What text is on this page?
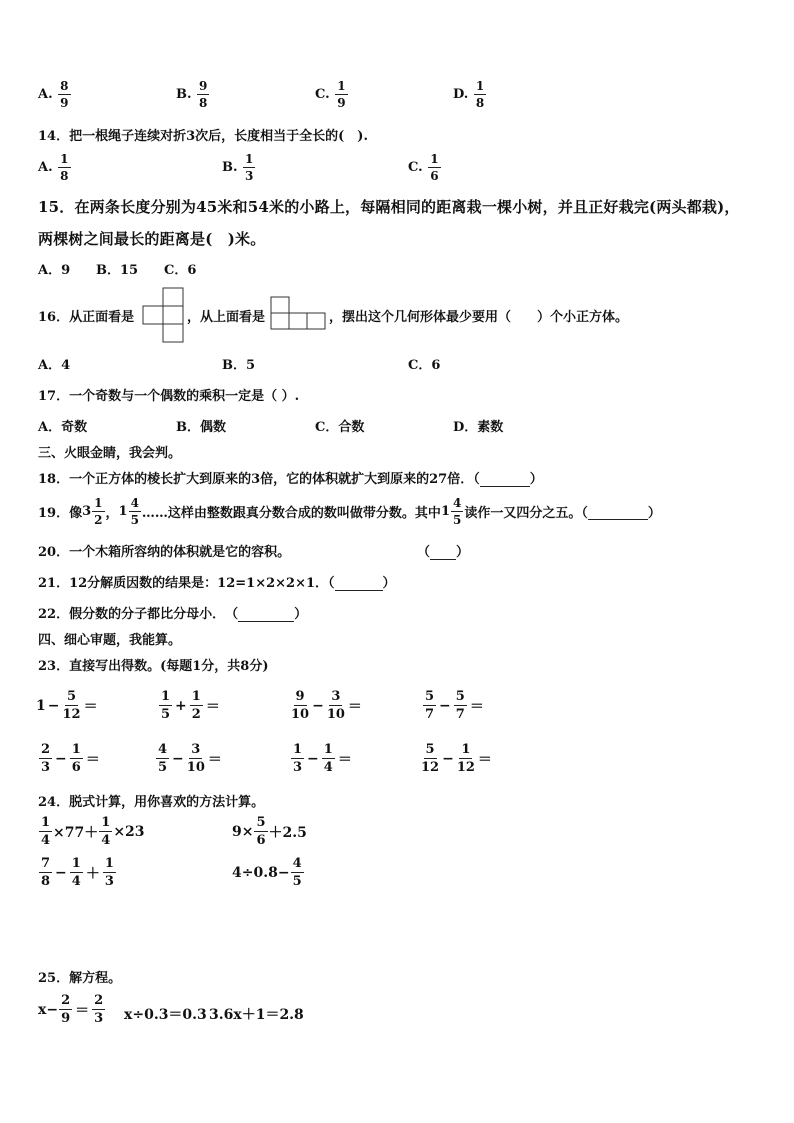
A. $\frac{8}{9}$	B. $\frac{9}{8}$	C. $\frac{1}{9}$	D. $\frac{1}{8}$
14．把一根绳子连续对折3次后，长度相当于全长的(　).
A. $\frac{1}{8}$	B. $\frac{1}{3}$	C. $\frac{1}{6}$
15．在两条长度分别为45米和54米的小路上，每隔相同的距离栽一棵小树，并且正好栽完(两头都栽)，
两棵树之间最长的距离是(　)米。
A．9 B．15 C．6
16．从正面看是	，从上面看是	，摆出这个几何形体最少要用（　　）个小正方体。
A．4	B．5	C．6
17．一个奇数与一个偶数的乘积一定是（ ）.
A．奇数	B．偶数	C．合数	D．素数
三、火眼金睛，我会判。
18．一个正方体的棱长扩大到原来的3倍，它的体积就扩大到原来的27倍．（	）
19．像 $3 \frac{1}{2}$ ， $1 \frac{4}{5}$ ……这样由整数跟真分数合成的数叫做带分数。其中 $1 \frac{4}{5}$ 读作一又四分之五。（
	）
20．一个木箱所容纳的体积就是它的容积。	（ ）
21．12分解质因数的结果是：12=1×2×2×1．（	）
22．假分数的分子都比分母小．　（	）
四、细心审题，我能算。
23．直接写出得数。(每题1分，共8分)
$1 - \frac{5}{12}$ ＝	$\frac{1}{5} + \frac{1}{2}$ ＝	$\frac{9}{10} - \frac{3}{10}$ ＝	$\frac{5}{7} - \frac{5}{7}$ ＝
$\frac{2}{3} - \frac{1}{6}$ ＝	$\frac{4}{5} - \frac{3}{10}$ ＝	$\frac{1}{3} - \frac{1}{4}$ ＝	$\frac{5}{12} - \frac{1}{12}$ ＝
24．脱式计算，用你喜欢的方法计算。
$\frac{1}{4} \times 77+ \frac{1}{4} \times 23$	$9\times \frac{5}{6} +2.5$
$\frac{7}{8} - \frac{1}{4} + \frac{1}{3}$	$4\div 0.8- \frac{4}{5}$
25．解方程。
$x- \frac{2}{9} = \frac{2}{3} x\div 0.3=0.3$ 3.6x＋1＝2.8
